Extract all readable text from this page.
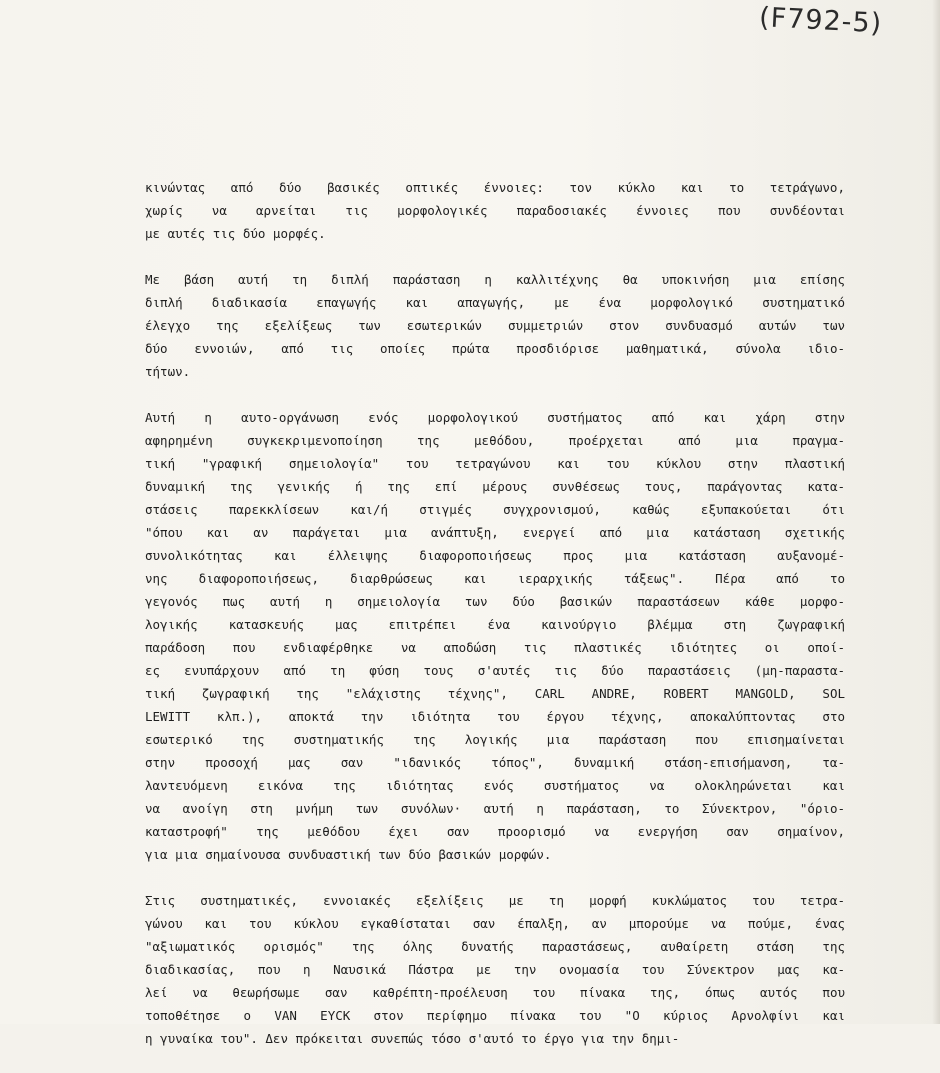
(F792-5)
κινώντας από δύο βασικές οπτικές έννοιες: τον κύκλο και το τετράγωνο,
χωρίς να αρνείται τις μορφολογικές παραδοσιακές έννοιες που συνδέονται
με αυτές τις δύο μορφές.
Με βάση αυτή τη διπλή παράσταση η καλλιτέχνης θα υποκινήση μια επίσης
διπλή διαδικασία επαγωγής και απαγωγής, με ένα μορφολογικό συστηματικό
έλεγχο της εξελίξεως των εσωτερικών συμμετριών στον συνδυασμό αυτών των
δύο εννοιών, από τις οποίες πρώτα προσδιόρισε μαθηματικά, σύνολα ιδιο-
τήτων.
Αυτή η αυτο-οργάνωση ενός μορφολογικού συστήματος από και χάρη στην
αφηρημένη συγκεκριμενοποίηση της μεθόδου, προέρχεται από μια πραγμα-
τική "γραφική σημειολογία" του τετραγώνου και του κύκλου στην πλαστική
δυναμική της γενικής ή της επί μέρους συνθέσεως τους, παράγοντας κατα-
στάσεις παρεκκλίσεων και/ή στιγμές συγχρονισμού, καθώς εξυπακούεται ότι
"όπου και αν παράγεται μια ανάπτυξη, ενεργεί από μια κατάσταση σχετικής
συνολικότητας και έλλειψης διαφοροποιήσεως προς μια κατάσταση αυξανομέ-
νης διαφοροποιήσεως, διαρθρώσεως και ιεραρχικής τάξεως". Πέρα από το
γεγονός πως αυτή η σημειολογία των δύο βασικών παραστάσεων κάθε μορφο-
λογικής κατασκευής μας επιτρέπει ένα καινούργιο βλέμμα στη ζωγραφική
παράδοση που ενδιαφέρθηκε να αποδώση τις πλαστικές ιδιότητες οι οποί-
ες ενυπάρχουν από τη φύση τους σ'αυτές τις δύο παραστάσεις (μη-παραστα-
τική ζωγραφική της "ελάχιστης τέχνης", CARL ANDRE, ROBERT MANGOLD, SOL
LEWITT κλπ.), αποκτά την ιδιότητα του έργου τέχνης, αποκαλύπτοντας στο
εσωτερικό της συστηματικής της λογικής μια παράσταση που επισημαίνεται
στην προσοχή μας σαν "ιδανικός τόπος", δυναμική στάση-επισήμανση, τα-
λαντευόμενη εικόνα της ιδιότητας ενός συστήματος να ολοκληρώνεται και
να ανοίγη στη μνήμη των συνόλων· αυτή η παράσταση, το Σύνεκτρον, "όριο-
καταστροφή" της μεθόδου έχει σαν προορισμό να ενεργήση σαν σημαίνον,
για μια σημαίνουσα συνδυαστική των δύο βασικών μορφών.
Στις συστηματικές, εννοιακές εξελίξεις με τη μορφή κυκλώματος του τετρα-
γώνου και του κύκλου εγκαθίσταται σαν έπαλξη, αν μπορούμε να πούμε, ένας
"αξιωματικός ορισμός" της όλης δυνατής παραστάσεως, αυθαίρετη στάση της
διαδικασίας, που η Ναυσικά Πάστρα με την ονομασία του Σύνεκτρον μας κα-
λεί να θεωρήσωμε σαν καθρέπτη-προέλευση του πίνακα της, όπως αυτός που
τοποθέτησε ο VAN EYCK στον περίφημο πίνακα του "Ο κύριος Αρνολφίνι και
η γυναίκα του". Δεν πρόκειται συνεπώς τόσο σ'αυτό το έργο για την δημι-
